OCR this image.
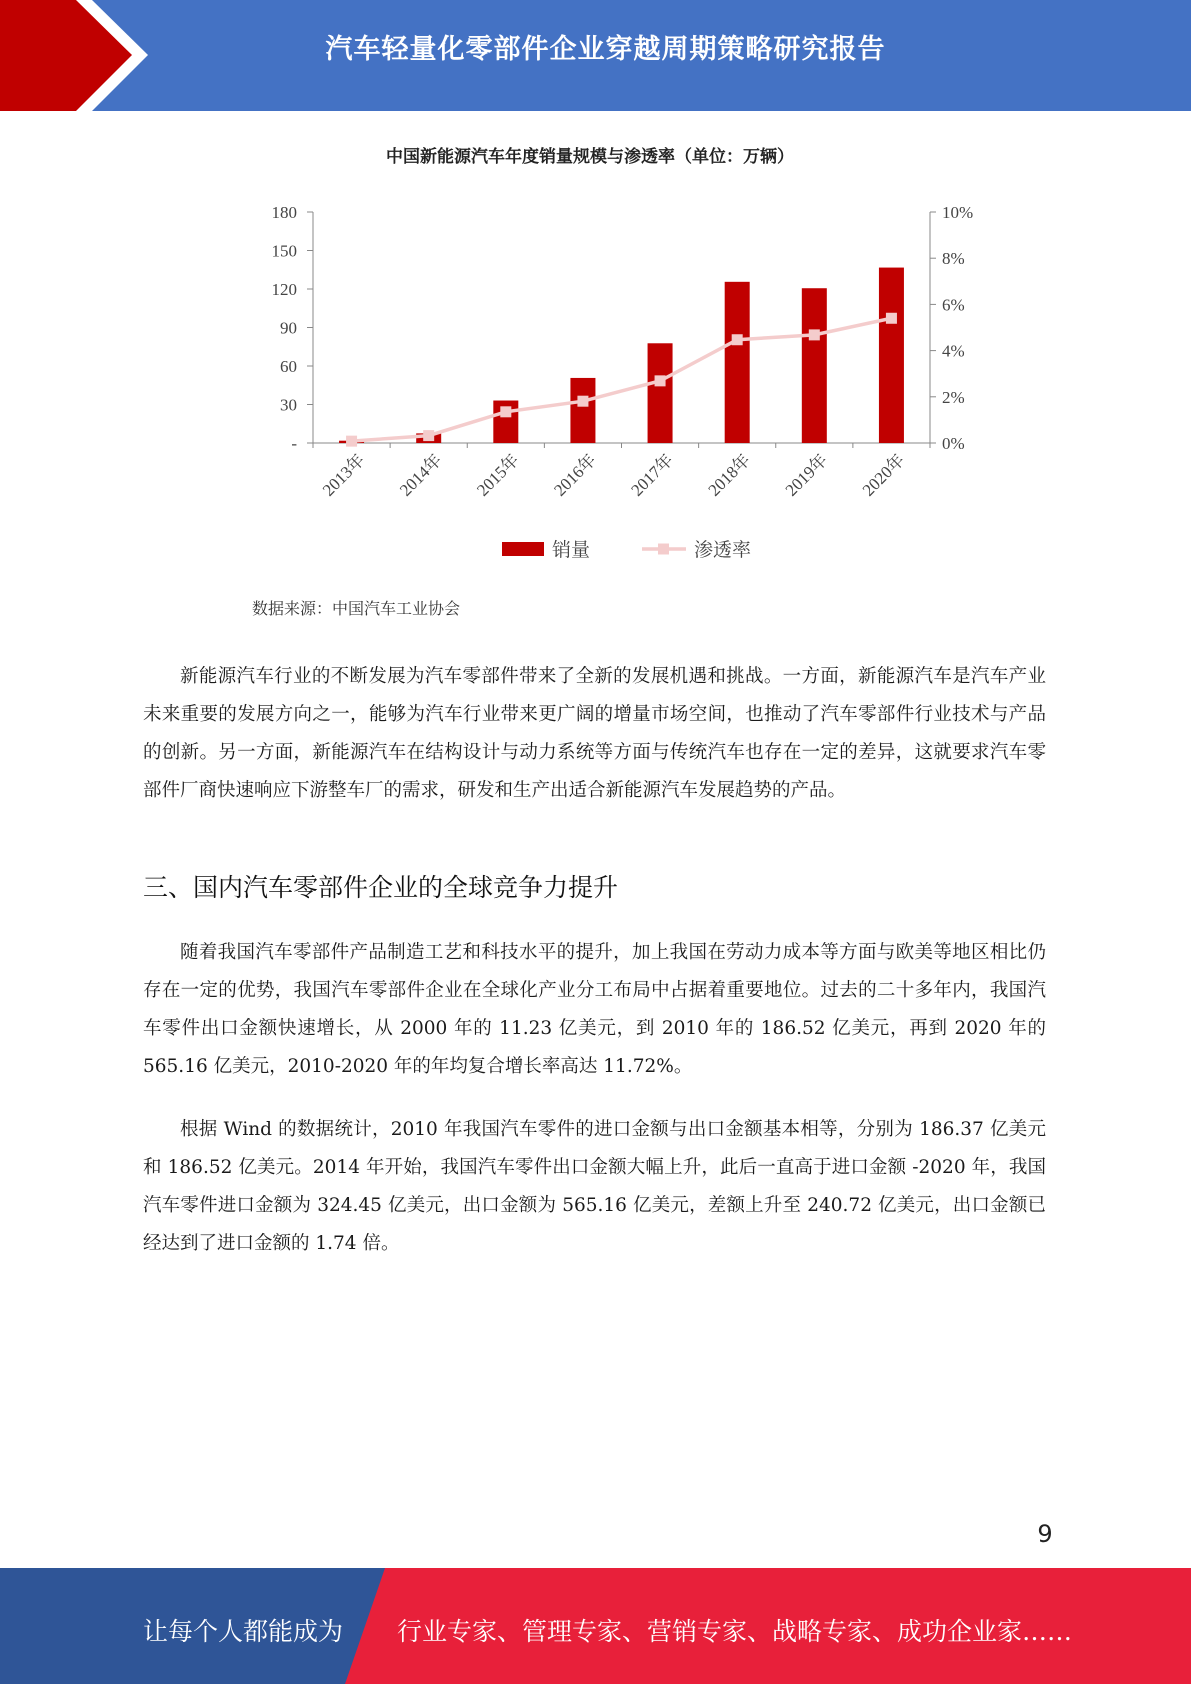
汽车轻量化零部件企业穿越周期策略研究报告
中国新能源汽车年度销量规模与渗透率（单位：万辆）
-
30
60
90
120
150
180
0%
2%
4%
6%
8%
10%
2013年 2014年 2015年 2016年 2017年 2018年 2019年 2020年
销量	渗透率
数据来源：中国汽车工业协会

新能源汽车行业的不断发展为汽车零部件带来了全新的发展机遇和挑战。一方面，新能源汽车是汽车产业未来重要的发展方向之一，能够为汽车行业带来更广阔的增量市场空间，也推动了汽车零部件行业技术与产品的创新。另一方面，新能源汽车在结构设计与动力系统等方面与传统汽车也存在一定的差异，这就要求汽车零部件厂商快速响应下游整车厂的需求，研发和生产出适合新能源汽车发展趋势的产品。

三、国内汽车零部件企业的全球竞争力提升

随着我国汽车零部件产品制造工艺和科技水平的提升，加上我国在劳动力成本等方面与欧美等地区相比仍存在一定的优势，我国汽车零部件企业在全球化产业分工布局中占据着重要地位。过去的二十多年内，我国汽车零件出口金额快速增长，从 2000 年的 11.23 亿美元，到 2010 年的 186.52 亿美元，再到 2020 年的 565.16 亿美元，2010-2020 年的年均复合增长率高达 11.72%。

根据 Wind 的数据统计，2010 年我国汽车零件的进口金额与出口金额基本相等，分别为 186.37 亿美元和 186.52 亿美元。2014 年开始，我国汽车零件出口金额大幅上升，此后一直高于进口金额 -2020 年，我国汽车零件进口金额为 324.45 亿美元，出口金额为 565.16 亿美元，差额上升至 240.72 亿美元，出口金额已经达到了进口金额的 1.74 倍。

9
让每个人都能成为 行业专家、管理专家、营销专家、战略专家、成功企业家……
